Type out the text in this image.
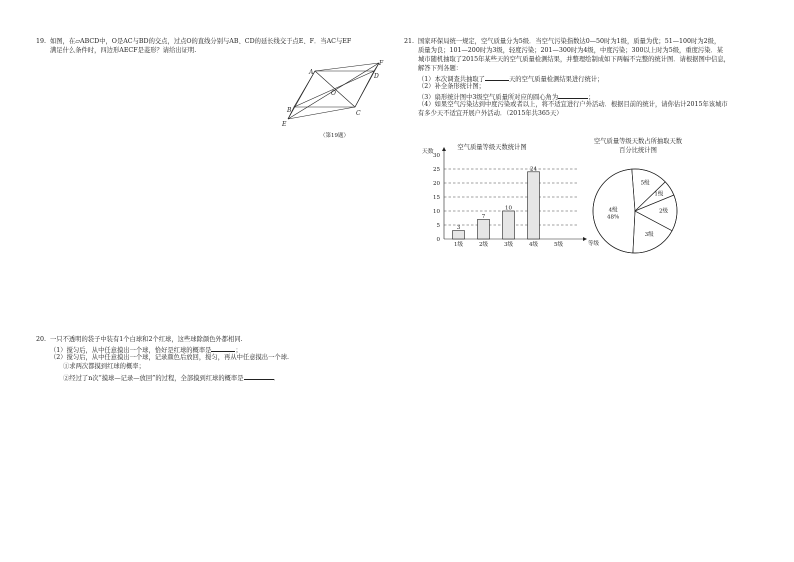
19. 如图，在▱ABCD中，O是AC与BD的交点，过点O的直线分别与AB、CD的延长线交于点E、F．当AC与EF
满足什么条件时，四边形AECF是菱形？请给出证明.
A
D
B	C
E
F
O
（第19题）
20. 一只不透明的袋子中装有1个白球和2个红球，这些球除颜色外都相同.
（1）搅匀后，从中任意摸出一个球，恰好是红球的概率是	；
（2）搅匀后，从中任意摸出一个球，记录颜色后放回，搅匀，再从中任意摸出一个球.
①求两次都摸到红球的概率；
②经过了n次“摸球—记录—放回”的过程，全部摸到红球的概率是	．
21. 国家环保局统一规定，空气质量分为5级．当空气污染指数达0—50时为1级，质量为优；51—100时为2级，
质量为良；101—200时为3级，轻度污染；201—300时为4级，中度污染；300以上时为5级，重度污染．某
城市随机抽取了2015年某些天的空气质量检测结果，并整理绘制成如下两幅不完整的统计图．请根据图中信息，
解答下列各题：
（1）本次调查共抽取了	天的空气质量检测结果进行统计；
（2）补全条形统计图；
（3）扇形统计图中3级空气质量所对应的圆心角为	；
（4）如果空气污染达到中度污染或者以上，将不适宜进行户外活动．根据目前的统计，请你估计2015年该城市
有多少天不适宜开展户外活动．（2015年共365天）
空气质量等级天数统计图
天数
等级
0
5
10
15
20
25
30
3
1级
7
2级
10
3级
24
4级	5级
空气质量等级天数占所抽取天数
百分比统计图
4级
48%
5级
1级
2级
3级
